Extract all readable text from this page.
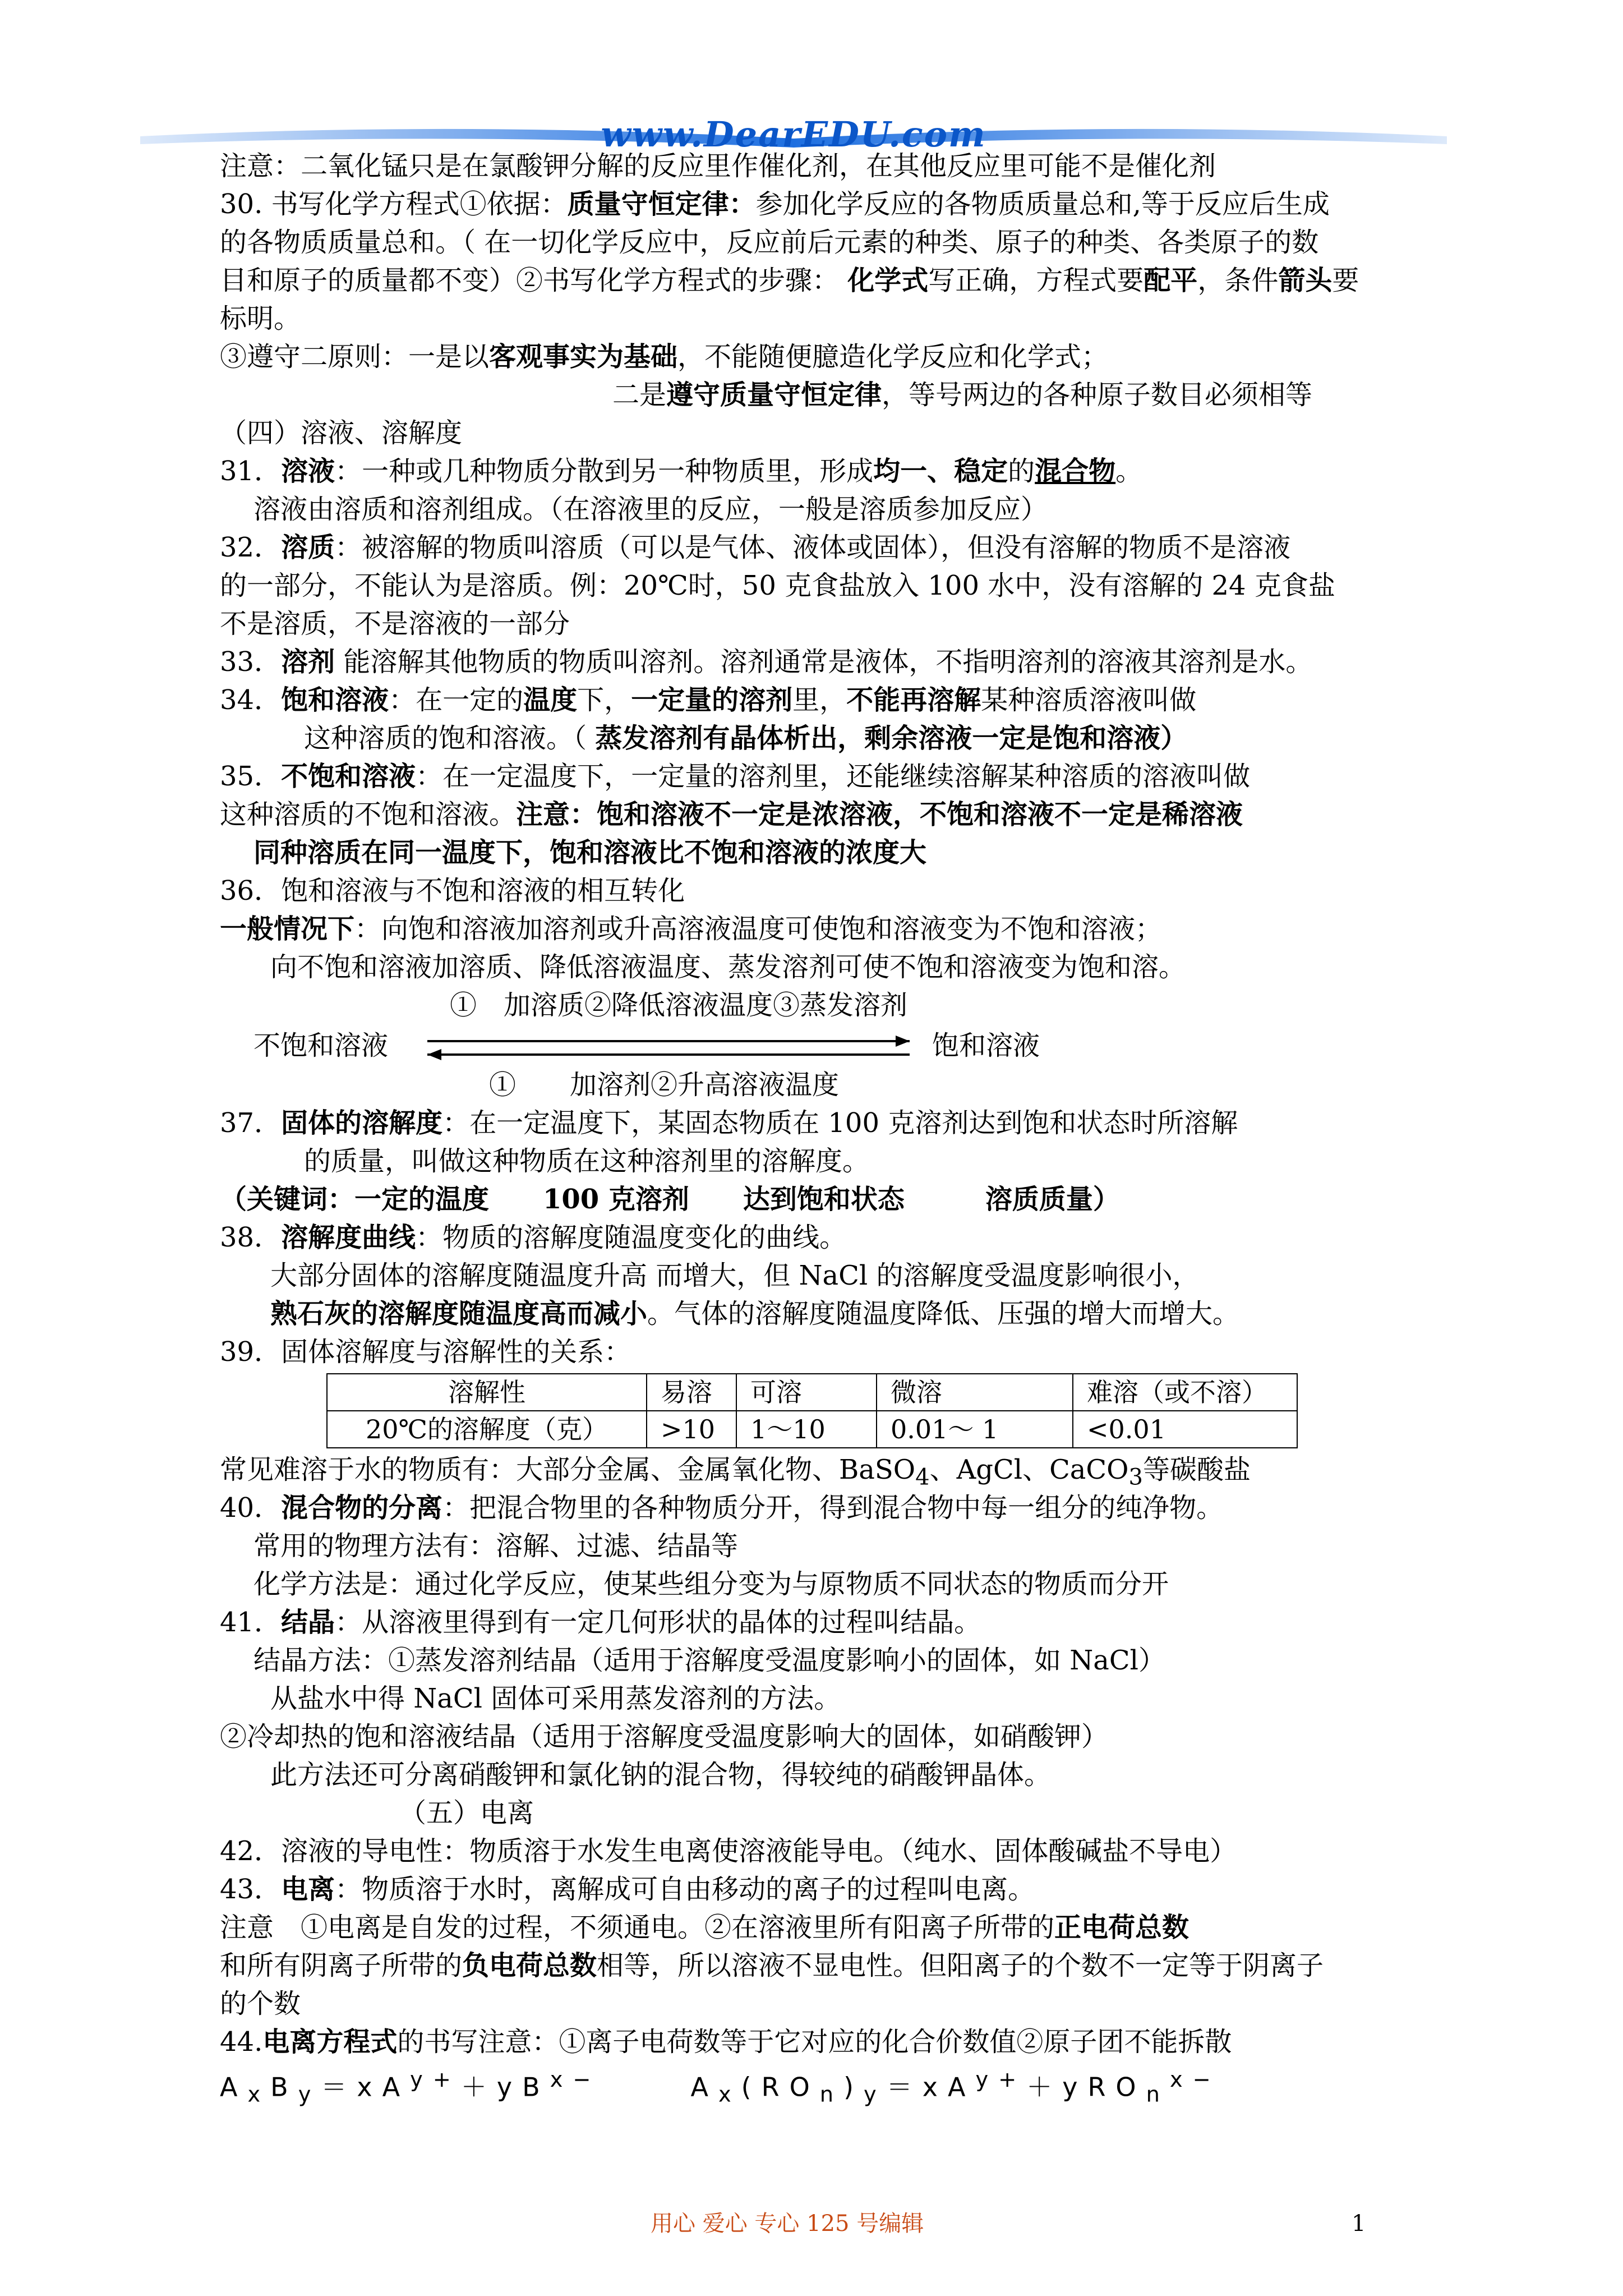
www.DearEDU.com
注意：二氧化锰只是在氯酸钾分解的反应里作催化剂，在其他反应里可能不是催化剂
30. 书写化学方程式①依据：质量守恒定律：参加化学反应的各物质质量总和,等于反应后生成
的各物质质量总和。（ 在一切化学反应中，反应前后元素的种类、原子的种类、各类原子的数
目和原子的质量都不变）②书写化学方程式的步骤： 化学式写正确，方程式要配平，条件箭头要
标明。
③遵守二原则：一是以客观事实为基础，不能随便臆造化学反应和化学式；
二是遵守质量守恒定律，等号两边的各种原子数目必须相等
（四）溶液、溶解度
31．溶液：一种或几种物质分散到另一种物质里，形成均一、稳定的混合物。
溶液由溶质和溶剂组成。（在溶液里的反应，一般是溶质参加反应）
32．溶质：被溶解的物质叫溶质（可以是气体、液体或固体），但没有溶解的物质不是溶液
的一部分，不能认为是溶质。例：20℃时，50 克食盐放入 100 水中，没有溶解的 24 克食盐
不是溶质，不是溶液的一部分
33．溶剂 能溶解其他物质的物质叫溶剂。溶剂通常是液体，不指明溶剂的溶液其溶剂是水。
34．饱和溶液：在一定的温度下，一定量的溶剂里，不能再溶解某种溶质溶液叫做
这种溶质的饱和溶液。（ 蒸发溶剂有晶体析出，剩余溶液一定是饱和溶液）
35．不饱和溶液：在一定温度下，一定量的溶剂里，还能继续溶解某种溶质的溶液叫做
这种溶质的不饱和溶液。注意：饱和溶液不一定是浓溶液，不饱和溶液不一定是稀溶液
同种溶质在同一温度下，饱和溶液比不饱和溶液的浓度大
36．饱和溶液与不饱和溶液的相互转化
一般情况下：向饱和溶液加溶剂或升高溶液温度可使饱和溶液变为不饱和溶液；
向不饱和溶液加溶质、降低溶液温度、蒸发溶剂可使不饱和溶液变为饱和溶。
①　加溶质②降低溶液温度③蒸发溶剂
不饱和溶液	饱和溶液
①　　加溶剂②升高溶液温度
37．固体的溶解度：在一定温度下，某固态物质在 100 克溶剂达到饱和状态时所溶解
的质量，叫做这种物质在这种溶剂里的溶解度。
（关键词：一定的温度　　100 克溶剂　　达到饱和状态　　　溶质质量）
38．溶解度曲线：物质的溶解度随温度变化的曲线。
大部分固体的溶解度随温度升高 而增大，但 NaCl 的溶解度受温度影响很小，
熟石灰的溶解度随温度高而减小。气体的溶解度随温度降低、压强的增大而增大。
39．固体溶解度与溶解性的关系：
溶解性	易溶	可溶	微溶	难溶（或不溶）
20℃的溶解度（克）	>10	1～10	0.01～ 1	<0.01
常见难溶于水的物质有：大部分金属、金属氧化物、BaSO$_4$、AgCl、CaCO$_3$等碳酸盐
40．混合物的分离：把混合物里的各种物质分开，得到混合物中每一组分的纯净物。
常用的物理方法有：溶解、过滤、结晶等
化学方法是：通过化学反应，使某些组分变为与原物质不同状态的物质而分开
41．结晶：从溶液里得到有一定几何形状的晶体的过程叫结晶。
结晶方法：①蒸发溶剂结晶（适用于溶解度受温度影响小的固体，如 NaCl）
从盐水中得 NaCl 固体可采用蒸发溶剂的方法。
②冷却热的饱和溶液结晶（适用于溶解度受温度影响大的固体，如硝酸钾）
此方法还可分离硝酸钾和氯化钠的混合物，得较纯的硝酸钾晶体。
（五）电离
42．溶液的导电性：物质溶于水发生电离使溶液能导电。（纯水、固体酸碱盐不导电）
43．电离：物质溶于水时，离解成可自由移动的离子的过程叫电离。
注意　①电离是自发的过程，不须通电。②在溶液里所有阳离子所带的正电荷总数
和所有阴离子所带的负电荷总数相等，所以溶液不显电性。但阳离子的个数不一定等于阴离子
的个数
44.电离方程式的书写注意：①离子电荷数等于它对应的化合价数值②原子团不能拆散
$A_xB_y=xA^{y+}+yB^{x-}$	$A_x(RO_n)_y=xA^{y+}+yRO_n^{x-}$
用心 爱心 专心 125 号编辑	1
